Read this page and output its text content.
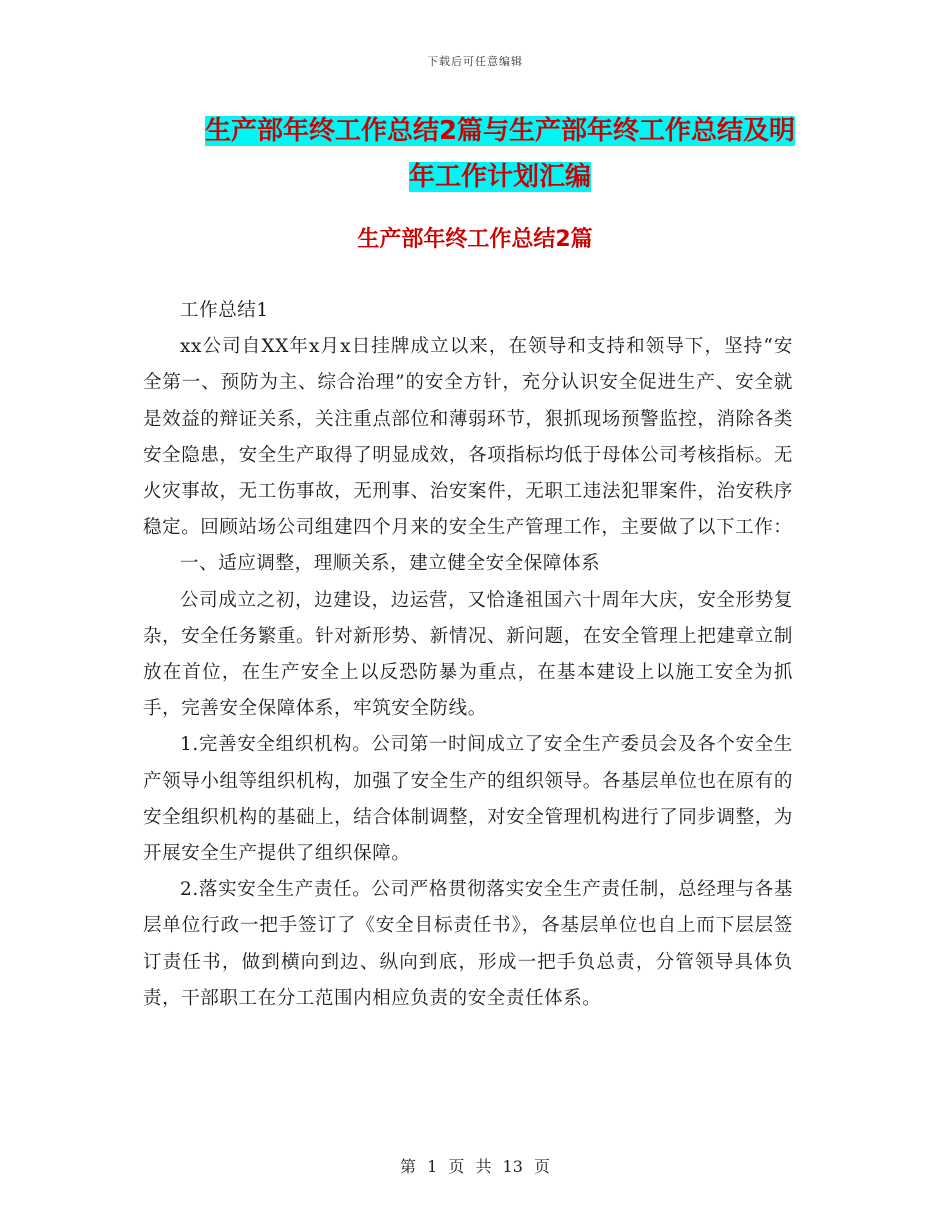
下载后可任意编辑
生产部年终工作总结2篇与生产部年终工作总结及明
年工作计划汇编
生产部年终工作总结2篇

工作总结1

xx公司自XX年x月x日挂牌成立以来，在领导和支持和领导下，坚持“安全第一、预防为主、综合治理”的安全方针，充分认识安全促进生产、安全就是效益的辩证关系，关注重点部位和薄弱环节，狠抓现场预警监控，消除各类安全隐患，安全生产取得了明显成效，各项指标均低于母体公司考核指标。无火灾事故，无工伤事故，无刑事、治安案件，无职工违法犯罪案件，治安秩序稳定。回顾站场公司组建四个月来的安全生产管理工作，主要做了以下工作：

一、适应调整，理顺关系，建立健全安全保障体系

公司成立之初，边建设，边运营，又恰逢祖国六十周年大庆，安全形势复杂，安全任务繁重。针对新形势、新情况、新问题，在安全管理上把建章立制放在首位，在生产安全上以反恐防暴为重点，在基本建设上以施工安全为抓手，完善安全保障体系，牢筑安全防线。

1.完善安全组织机构。公司第一时间成立了安全生产委员会及各个安全生产领导小组等组织机构，加强了安全生产的组织领导。各基层单位也在原有的安全组织机构的基础上，结合体制调整，对安全管理机构进行了同步调整，为开展安全生产提供了组织保障。

2.落实安全生产责任。公司严格贯彻落实安全生产责任制，总经理与各基层单位行政一把手签订了《安全目标责任书》，各基层单位也自上而下层层签订责任书，做到横向到边、纵向到底，形成一把手负总责，分管领导具体负责，干部职工在分工范围内相应负责的安全责任体系。

第 1 页 共 13 页
